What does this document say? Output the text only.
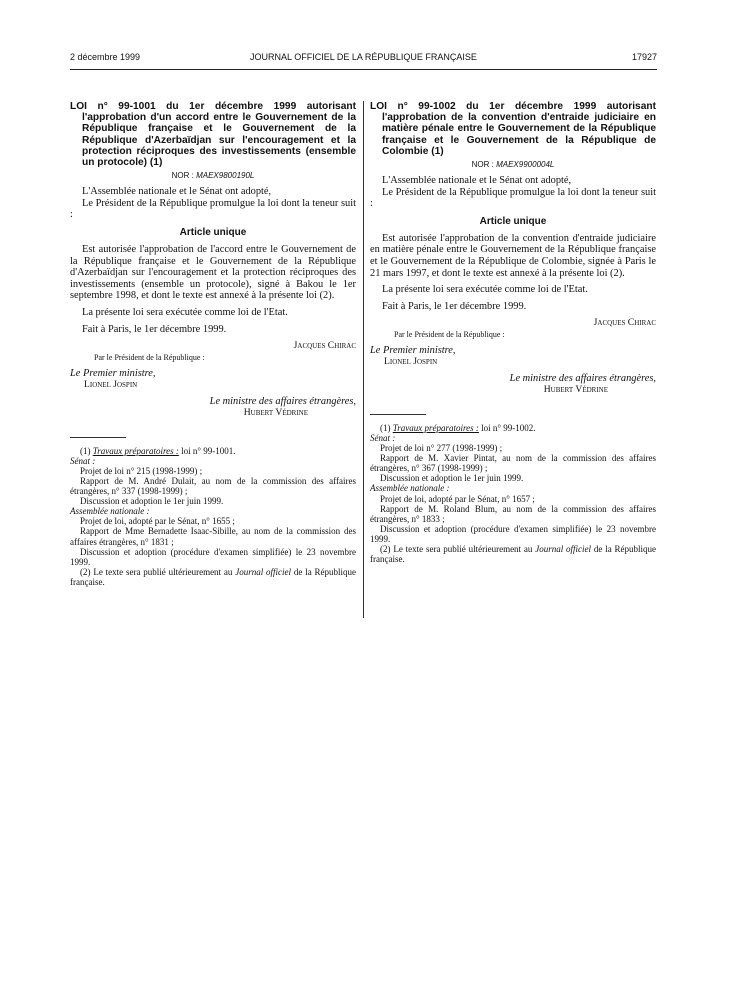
2 décembre 1999	JOURNAL OFFICIEL DE LA RÉPUBLIQUE FRANÇAISE	17927

LOI n° 99-1001 du 1er décembre 1999 autorisant l'approbation d'un accord entre le Gouvernement de la République française et le Gouvernement de la République d'Azerbaïdjan sur l'encouragement et la protection réciproques des investissements (ensemble un protocole) (1)

NOR : MAEX9800190L

L'Assemblée nationale et le Sénat ont adopté,

Le Président de la République promulgue la loi dont la teneur suit :

Article unique

Est autorisée l'approbation de l'accord entre le Gouvernement de la République française et le Gouvernement de la République d'Azerbaïdjan sur l'encouragement et la protection réciproques des investissements (ensemble un protocole), signé à Bakou le 1er septembre 1998, et dont le texte est annexé à la présente loi (2).

La présente loi sera exécutée comme loi de l'Etat.

Fait à Paris, le 1er décembre 1999.

Jacques Chirac

Par le Président de la République :

Le Premier ministre,

Lionel Jospin

Le ministre des affaires étrangères,

Hubert Védrine

(1) Travaux préparatoires : loi n° 99-1001.

Sénat :

Projet de loi n° 215 (1998-1999) ;

Rapport de M. André Dulait, au nom de la commission des affaires étrangères, n° 337 (1998-1999) ;

Discussion et adoption le 1er juin 1999.

Assemblée nationale :

Projet de loi, adopté par le Sénat, n° 1655 ;

Rapport de Mme Bernadette Isaac-Sibille, au nom de la commission des affaires étrangères, n° 1831 ;

Discussion et adoption (procédure d'examen simplifiée) le 23 novembre 1999.

(2) Le texte sera publié ultérieurement au Journal officiel de la République française.

LOI n° 99-1002 du 1er décembre 1999 autorisant l'approbation de la convention d'entraide judiciaire en matière pénale entre le Gouvernement de la République française et le Gouvernement de la République de Colombie (1)

NOR : MAEX9900004L

L'Assemblée nationale et le Sénat ont adopté,

Le Président de la République promulgue la loi dont la teneur suit :

Article unique

Est autorisée l'approbation de la convention d'entraide judiciaire en matière pénale entre le Gouvernement de la République française et le Gouvernement de la République de Colombie, signée à Paris le 21 mars 1997, et dont le texte est annexé à la présente loi (2).

La présente loi sera exécutée comme loi de l'Etat.

Fait à Paris, le 1er décembre 1999.

Jacques Chirac

Par le Président de la République :

Le Premier ministre,

Lionel Jospin

Le ministre des affaires étrangères,

Hubert Védrine

(1) Travaux préparatoires : loi n° 99-1002.

Sénat :

Projet de loi n° 277 (1998-1999) ;

Rapport de M. Xavier Pintat, au nom de la commission des affaires étrangères, n° 367 (1998-1999) ;

Discussion et adoption le 1er juin 1999.

Assemblée nationale :

Projet de loi, adopté par le Sénat, n° 1657 ;

Rapport de M. Roland Blum, au nom de la commission des affaires étrangères, n° 1833 ;

Discussion et adoption (procédure d'examen simplifiée) le 23 novembre 1999.

(2) Le texte sera publié ultérieurement au Journal officiel de la République française.
